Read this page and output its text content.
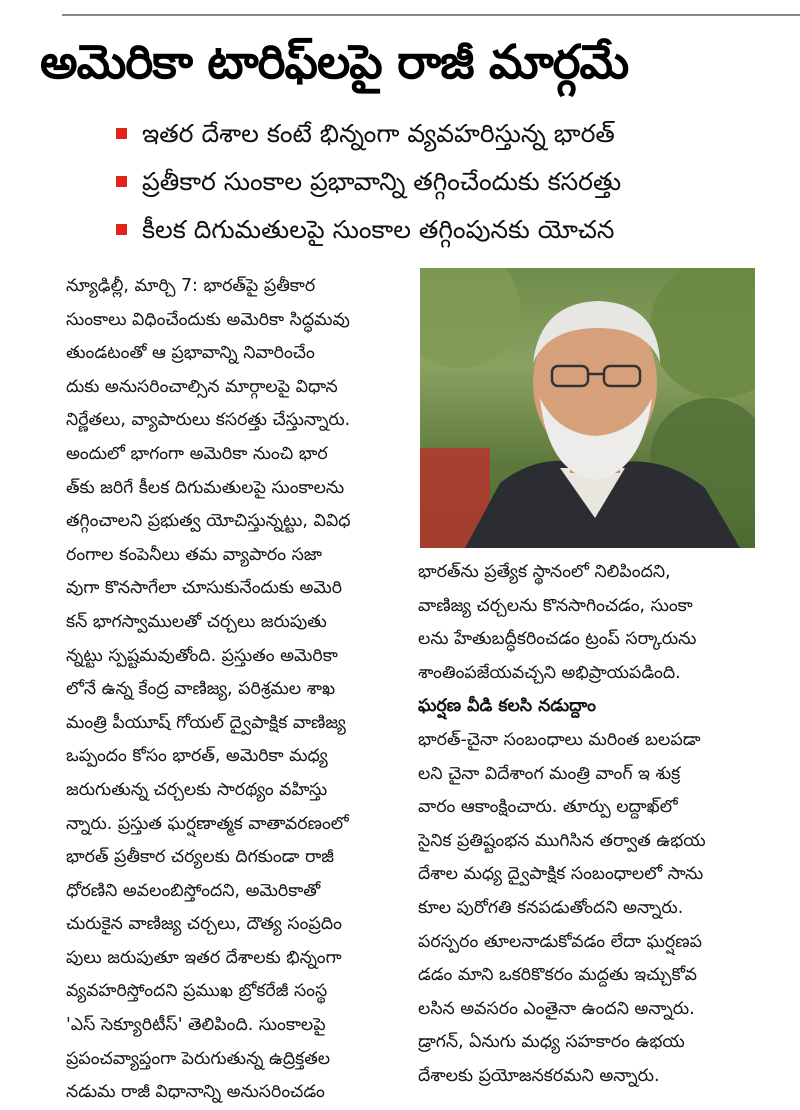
అమెరికా టారిఫ్‌లపై రాజీ మార్గమే
ఇతర దేశాల కంటే భిన్నంగా వ్యవహరిస్తున్న భారత్‌
ప్రతీకార సుంకాల ప్రభావాన్ని తగ్గించేందుకు కసరత్తు
కీలక దిగుమతులపై సుంకాల తగ్గింపునకు యోచన
న్యూఢిల్లీ, మార్చి 7: భారత్‌పై ప్రతీకార
సుంకాలు విధించేందుకు అమెరికా సిద్ధమవు
తుండటంతో ఆ ప్రభావాన్ని నివారించేం
దుకు అనుసరించాల్సిన మార్గాలపై విధాన
నిర్ణేతలు, వ్యాపారులు కసరత్తు చేస్తున్నారు.
అందులో భాగంగా అమెరికా నుంచి భార
త్‌కు జరిగే కీలక దిగుమతులపై సుంకాలను
తగ్గించాలని ప్రభుత్వ యోచిస్తున్నట్టు, వివిధ
రంగాల కంపెనీలు తమ వ్యాపారం సజా
వుగా కొనసాగేలా చూసుకునేందుకు అమెరి
కన్‌ భాగస్వాములతో చర్చలు జరుపుతు
న్నట్టు స్పష్టమవుతోంది. ప్రస్తుతం అమెరికా
లోనే ఉన్న కేంద్ర వాణిజ్య, పరిశ్రమల శాఖ
మంత్రి పీయూష్‌ గోయల్‌ ద్వైపాక్షిక వాణిజ్య
ఒప్పందం కోసం భారత్‌, అమెరికా మధ్య
జరుగుతున్న చర్చలకు సారథ్యం వహిస్తు
న్నారు. ప్రస్తుత ఘర్షణాత్మక వాతావరణంలో
భారత్‌ ప్రతీకార చర్యలకు దిగకుండా రాజీ
ధోరణిని అవలంబిస్తోందని, అమెరికాతో
చురుకైన వాణిజ్య చర్చలు, దౌత్య సంప్రదిం
పులు జరుపుతూ ఇతర దేశాలకు భిన్నంగా
వ్యవహరిస్తోందని ప్రముఖ బ్రోకరేజీ సంస్థ
'ఎస్‌ సెక్యూరిటీస్‌' తెలిపింది. సుంకాలపై
ప్రపంచవ్యాప్తంగా పెరుగుతున్న ఉద్రిక్తతల
నడుమ రాజీ విధానాన్ని అనుసరించడం
భారత్‌ను ప్రత్యేక స్థానంలో నిలిపిందని,
వాణిజ్య చర్చలను కొనసాగించడం, సుంకా
లను హేతుబద్ధీకరించడం ట్రంప్‌ సర్కారును
శాంతింపజేయవచ్చని అభిప్రాయపడింది.
ఘర్షణ వీడి కలసి నడుద్దాం
భారత్‌-చైనా సంబంధాలు మరింత బలపడా
లని చైనా విదేశాంగ మంత్రి వాంగ్‌ ఇ శుక్ర
వారం ఆకాంక్షించారు. తూర్పు లద్దాఖ్‌లో
సైనిక ప్రతిష్టంభన ముగిసిన తర్వాత ఉభయ
దేశాల మధ్య ద్వైపాక్షిక సంబంధాలలో సాను
కూల పురోగతి కనపడుతోందని అన్నారు.
పరస్పరం తూలనాడుకోవడం లేదా ఘర్షణప
డడం మాని ఒకరికొకరం మద్దతు ఇచ్చుకోవ
లసిన అవసరం ఎంతైనా ఉందని అన్నారు.
డ్రాగన్‌, ఏనుగు మధ్య సహకారం ఉభయ
దేశాలకు ప్రయోజనకరమని అన్నారు.
